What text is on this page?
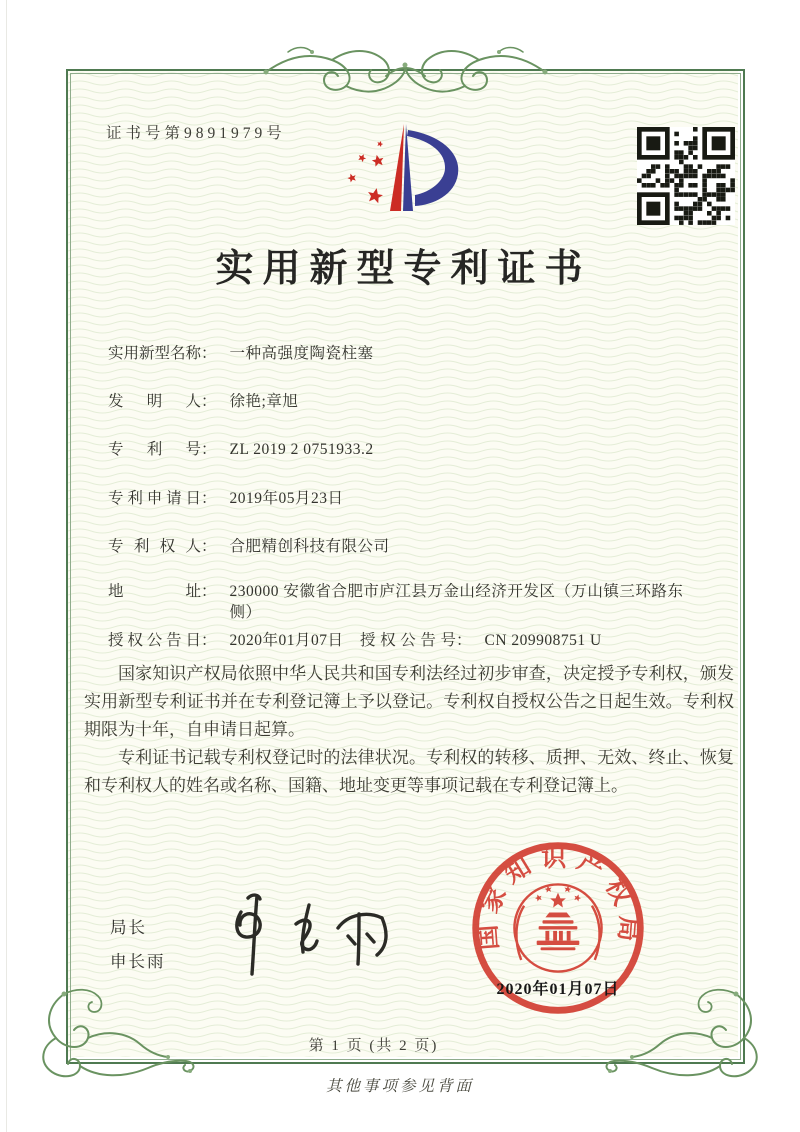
证书号第9891979号
实用新型专利证书
实用新型名称 ： 一种高强度陶瓷柱塞
发明人 ： 徐艳;章旭
专利号 ： ZL 2019 2 0751933.2
专利申请日 ： 2019年05月23日
专利权人 ： 合肥精创科技有限公司
地址 ： 230000 安徽省合肥市庐江县万金山经济开发区（万山镇三环路东侧）
授权公告日 ： 2020年01月07日 授权公告号 ： CN 209908751 U

国家知识产权局依照中华人民共和国专利法经过初步审查，决定授予专利权，颁发实用新型专利证书并在专利登记簿上予以登记。专利权自授权公告之日起生效。专利权期限为十年，自申请日起算。

专利证书记载专利权登记时的法律状况。专利权的转移、质押、无效、终止、恢复和专利权人的姓名或名称、国籍、地址变更等事项记载在专利登记簿上。

局长
申长雨
国家知识产权局
2020年01月07日
第 1 页 (共 2 页)
其他事项参见背面
